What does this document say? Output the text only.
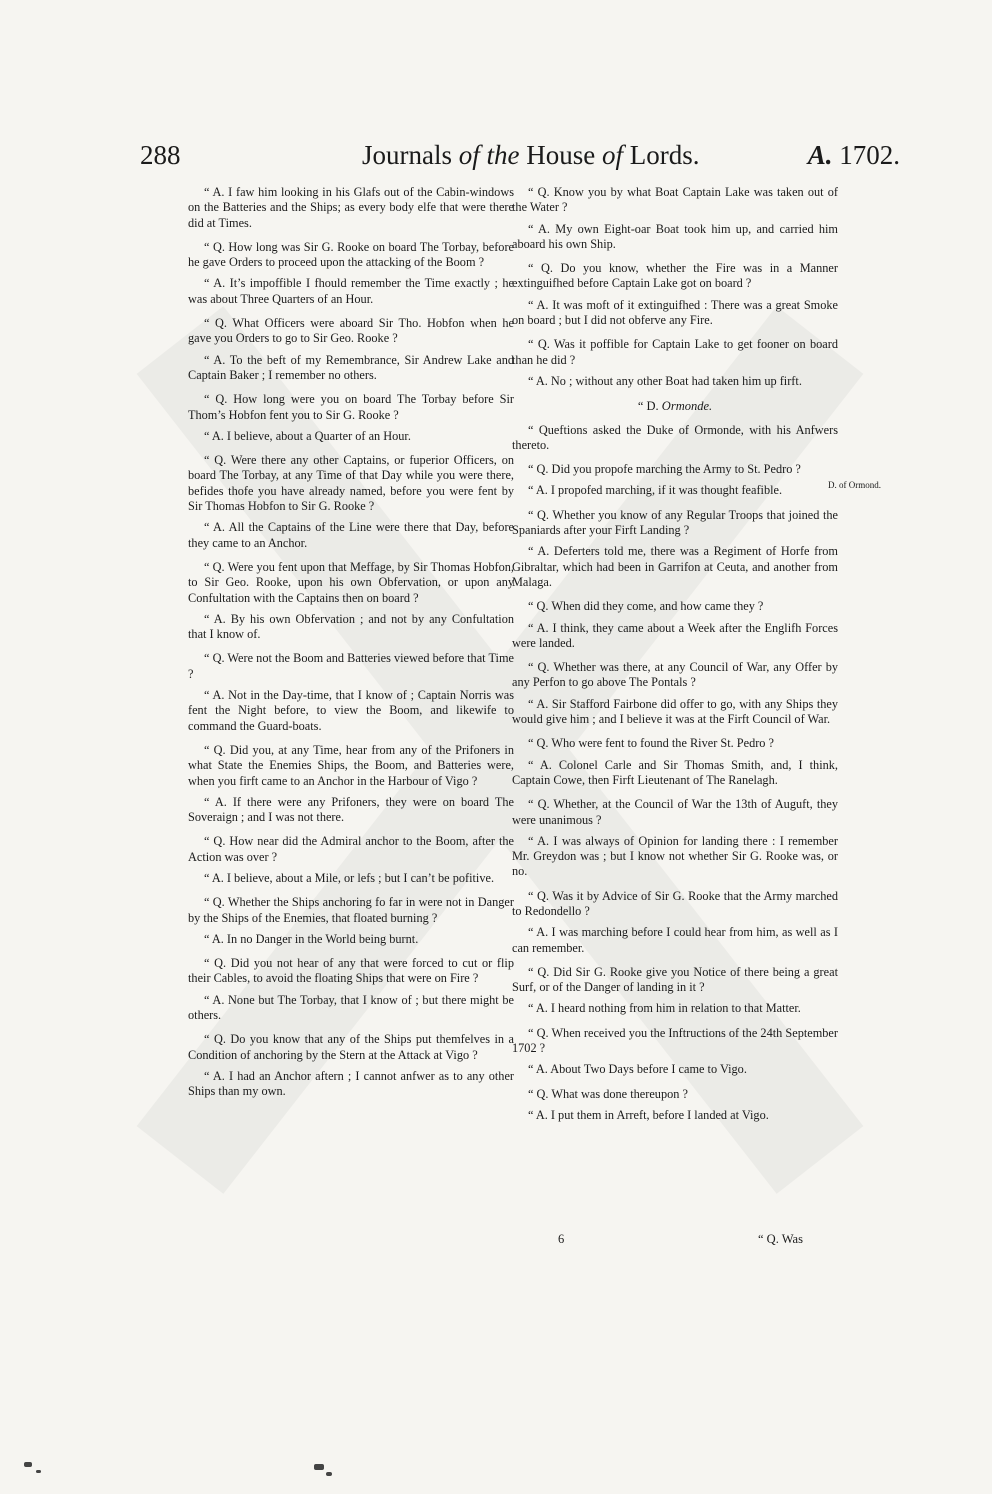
288	Journals of the House of Lords.	A. 1702.

“ A. I faw him looking in his Glafs out of the Cabin-windows on the Batteries and the Ships; as every body elfe that were there did at Times.

“ Q. How long was Sir G. Rooke on board The Torbay, before he gave Orders to proceed upon the attacking of the Boom ?

“ A. It’s impoffible I fhould remember the Time exactly ; he was about Three Quarters of an Hour.

“ Q. What Officers were aboard Sir Tho. Hobfon when he gave you Orders to go to Sir Geo. Rooke ?

“ A. To the beft of my Remembrance, Sir Andrew Lake and Captain Baker ; I remember no others.

“ Q. How long were you on board The Torbay before Sir Thom’s Hobfon fent you to Sir G. Rooke ?

“ A. I believe, about a Quarter of an Hour.

“ Q. Were there any other Captains, or fuperior Officers, on board The Torbay, at any Time of that Day while you were there, befides thofe you have already named, before you were fent by Sir Thomas Hobfon to Sir G. Rooke ?

“ A. All the Captains of the Line were there that Day, before they came to an Anchor.

“ Q. Were you fent upon that Meffage, by Sir Thomas Hobfon, to Sir Geo. Rooke, upon his own Obfervation, or upon any Confultation with the Captains then on board ?

“ A. By his own Obfervation ; and not by any Confultation that I know of.

“ Q. Were not the Boom and Batteries viewed before that Time ?

“ A. Not in the Day-time, that I know of ; Captain Norris was fent the Night before, to view the Boom, and likewife to command the Guard-boats.

“ Q. Did you, at any Time, hear from any of the Prifoners in what State the Enemies Ships, the Boom, and Batteries were, when you firft came to an Anchor in the Harbour of Vigo ?

“ A. If there were any Prifoners, they were on board The Soveraign ; and I was not there.

“ Q. How near did the Admiral anchor to the Boom, after the Action was over ?

“ A. I believe, about a Mile, or lefs ; but I can’t be pofitive.

“ Q. Whether the Ships anchoring fo far in were not in Danger by the Ships of the Enemies, that floated burning ?

“ A. In no Danger in the World being burnt.

“ Q. Did you not hear of any that were forced to cut or flip their Cables, to avoid the floating Ships that were on Fire ?

“ A. None but The Torbay, that I know of ; but there might be others.

“ Q. Do you know that any of the Ships put themfelves in a Condition of anchoring by the Stern at the Attack at Vigo ?

“ A. I had an Anchor aftern ; I cannot anfwer as to any other Ships than my own.

“ Q. Know you by what Boat Captain Lake was taken out of the Water ?

“ A. My own Eight-oar Boat took him up, and carried him aboard his own Ship.

“ Q. Do you know, whether the Fire was in a Manner extinguifhed before Captain Lake got on board ?

“ A. It was moft of it extinguifhed : There was a great Smoke on board ; but I did not obferve any Fire.

“ Q. Was it poffible for Captain Lake to get fooner on board than he did ?

“ A. No ; without any other Boat had taken him up firft.

“ D. Ormonde.

“ Queftions asked the Duke of Ormonde, with his Anfwers thereto.

“ Q. Did you propofe marching the Army to St. Pedro ?

“ A. I propofed marching, if it was thought feafible.

“ Q. Whether you know of any Regular Troops that joined the Spaniards after your Firft Landing ?

“ A. Deferters told me, there was a Regiment of Horfe from Gibraltar, which had been in Garrifon at Ceuta, and another from Malaga.

“ Q. When did they come, and how came they ?

“ A. I think, they came about a Week after the Englifh Forces were landed.

“ Q. Whether was there, at any Council of War, any Offer by any Perfon to go above The Pontals ?

“ A. Sir Stafford Fairbone did offer to go, with any Ships they would give him ; and I believe it was at the Firft Council of War.

“ Q. Who were fent to found the River St. Pedro ?

“ A. Colonel Carle and Sir Thomas Smith, and, I think, Captain Cowe, then Firft Lieutenant of The Ranelagh.

“ Q. Whether, at the Council of War the 13th of Auguft, they were unanimous ?

“ A. I was always of Opinion for landing there : I remember Mr. Greydon was ; but I know not whether Sir G. Rooke was, or no.

“ Q. Was it by Advice of Sir G. Rooke that the Army marched to Redondello ?

“ A. I was marching before I could hear from him, as well as I can remember.

“ Q. Did Sir G. Rooke give you Notice of there being a great Surf, or of the Danger of landing in it ?

“ A. I heard nothing from him in relation to that Matter.

“ Q. When received you the Inftructions of the 24th September 1702 ?

“ A. About Two Days before I came to Vigo.

“ Q. What was done thereupon ?

“ A. I put them in Arreft, before I landed at Vigo.

D. of Ormond.
6	“ Q. Was
